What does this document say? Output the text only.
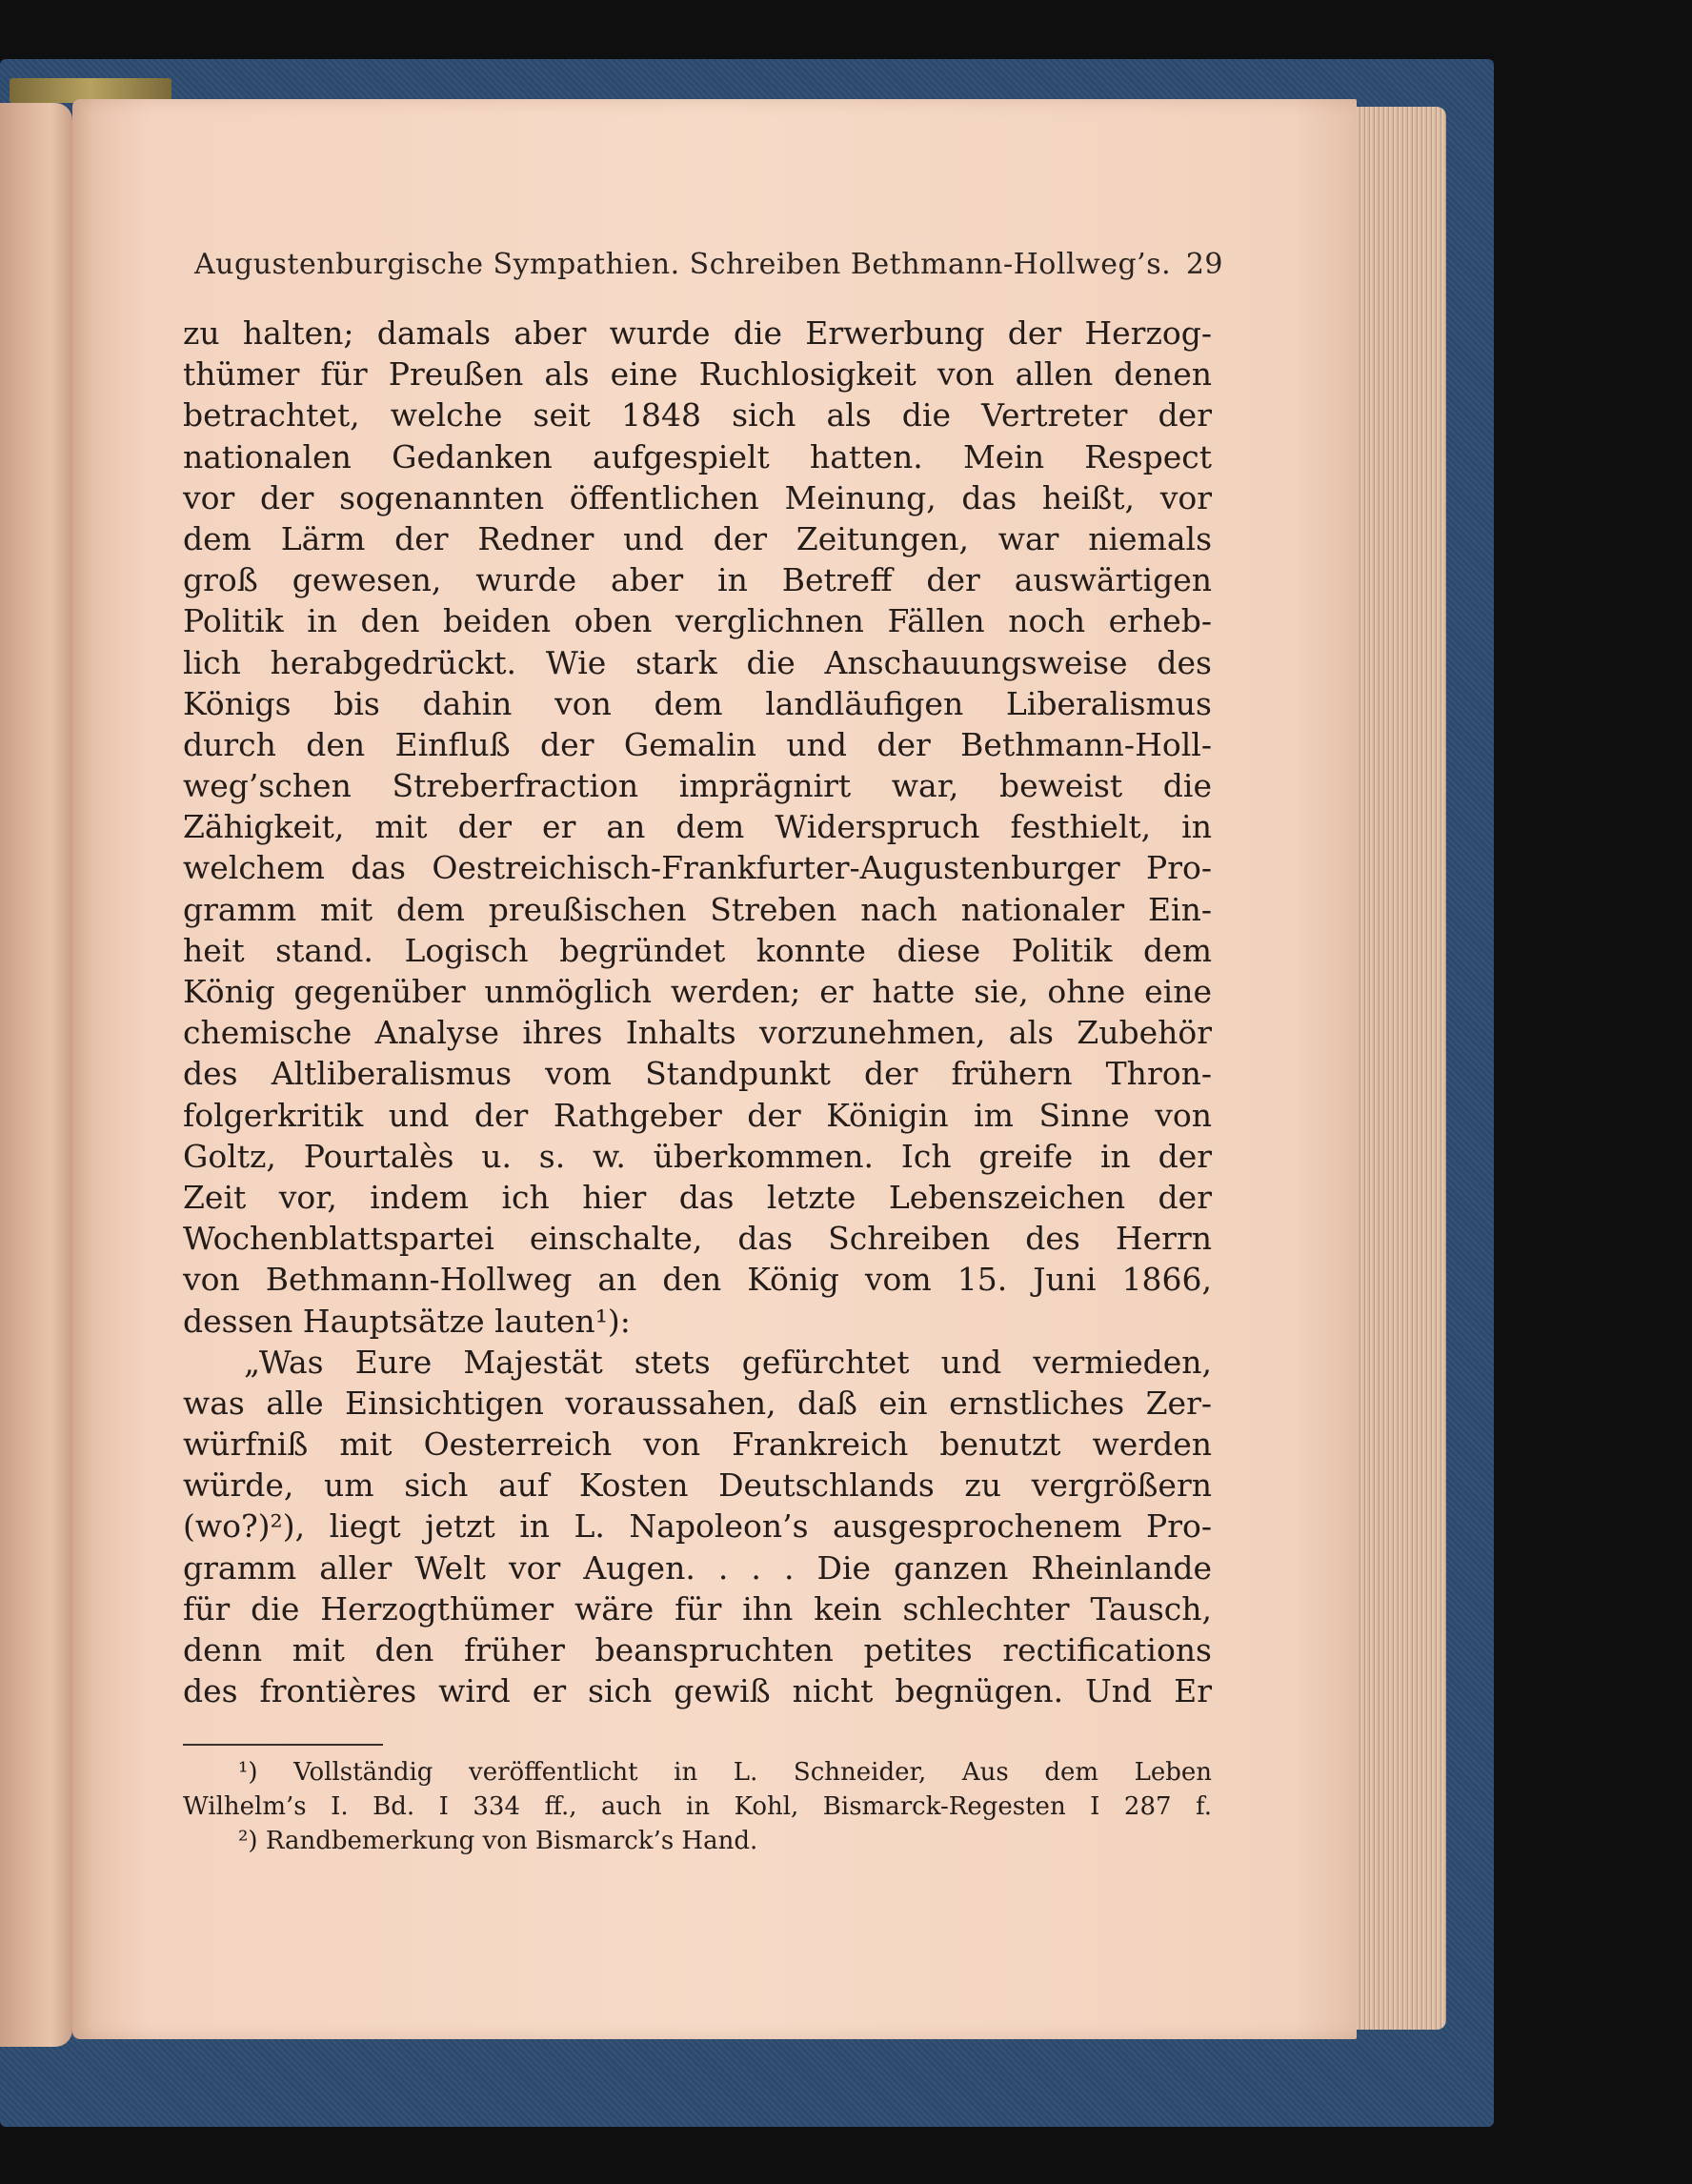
Augustenburgische Sympathien. Schreiben Bethmann-Hollweg’s. 29
zu halten; damals aber wurde die Erwerbung der Herzog-
thümer für Preußen als eine Ruchlosigkeit von allen denen
betrachtet, welche seit 1848 sich als die Vertreter der
nationalen Gedanken aufgespielt hatten. Mein Respect
vor der sogenannten öffentlichen Meinung, das heißt, vor
dem Lärm der Redner und der Zeitungen, war niemals
groß gewesen, wurde aber in Betreff der auswärtigen
Politik in den beiden oben verglichnen Fällen noch erheb-
lich herabgedrückt. Wie stark die Anschauungsweise des
Königs bis dahin von dem landläufigen Liberalismus
durch den Einfluß der Gemalin und der Bethmann-Holl-
weg’schen Streberfraction imprägnirt war, beweist die
Zähigkeit, mit der er an dem Widerspruch festhielt, in
welchem das Oestreichisch-Frankfurter-Augustenburger Pro-
gramm mit dem preußischen Streben nach nationaler Ein-
heit stand. Logisch begründet konnte diese Politik dem
König gegenüber unmöglich werden; er hatte sie, ohne eine
chemische Analyse ihres Inhalts vorzunehmen, als Zubehör
des Altliberalismus vom Standpunkt der frühern Thron-
folgerkritik und der Rathgeber der Königin im Sinne von
Goltz, Pourtalès u. s. w. überkommen. Ich greife in der
Zeit vor, indem ich hier das letzte Lebenszeichen der
Wochenblattspartei einschalte, das Schreiben des Herrn
von Bethmann-Hollweg an den König vom 15. Juni 1866,
dessen Hauptsätze lauten¹):
„Was Eure Majestät stets gefürchtet und vermieden,
was alle Einsichtigen voraussahen, daß ein ernstliches Zer-
würfniß mit Oesterreich von Frankreich benutzt werden
würde, um sich auf Kosten Deutschlands zu vergrößern
(wo?)²), liegt jetzt in L. Napoleon’s ausgesprochenem Pro-
gramm aller Welt vor Augen. . . . Die ganzen Rheinlande
für die Herzogthümer wäre für ihn kein schlechter Tausch,
denn mit den früher beanspruchten petites rectifications
des frontières wird er sich gewiß nicht begnügen. Und Er
¹) Vollständig veröffentlicht in L. Schneider, Aus dem Leben
Wilhelm’s I. Bd. I 334 ff., auch in Kohl, Bismarck-Regesten I 287 f.
²) Randbemerkung von Bismarck’s Hand.
